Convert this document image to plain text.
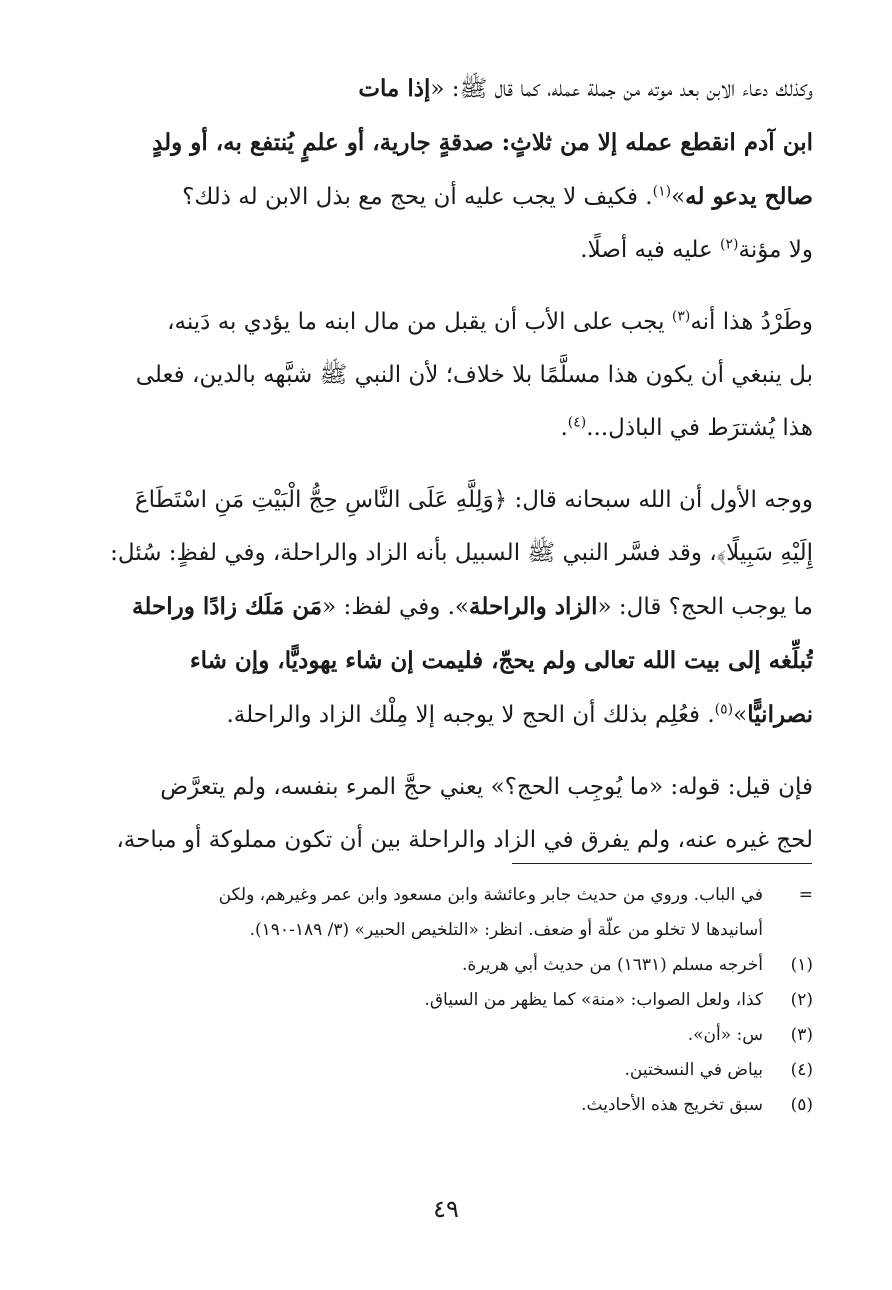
وكذلك دعاء الابن بعد موته من جملة عمله، كما قال ﷺ: «إذا مات
ابن آدم انقطع عمله إلا من ثلاثٍ: صدقةٍ جارية، أو علمٍ يُنتفع به، أو ولدٍ
صالح يدعو له»$^{(١)}$. فكيف لا يجب عليه أن يحج مع بذل الابن له ذلك؟
ولا مؤنة$^{(٢)}$ عليه فيه أصلًا.

وطَرْدُ هذا أنه$^{(٣)}$ يجب على الأب أن يقبل من مال ابنه ما يؤدي به دَينه،
بل ينبغي أن يكون هذا مسلَّمًا بلا خلاف؛ لأن النبي ﷺ شبَّهه بالدين، فعلى
هذا يُشترَط في الباذل...$^{(٤)}$.

ووجه الأول أن الله سبحانه قال: ﴿وَلِلَّهِ عَلَى النَّاسِ حِجُّ الْبَيْتِ مَنِ اسْتَطَاعَ
إِلَيْهِ سَبِيلًا﴾، وقد فسَّر النبي ﷺ السبيل بأنه الزاد والراحلة، وفي لفظٍ: سُئل:
ما يوجب الحج؟ قال: «الزاد والراحلة». وفي لفظ: «مَن مَلَك زادًا وراحلة
تُبلِّغه إلى بيت الله تعالى ولم يحجّ، فليمت إن شاء يهوديًّا، وإن شاء
نصرانيًّا»$^{(٥)}$. فعُلِم بذلك أن الحج لا يوجبه إلا مِلْك الزاد والراحلة.

فإن قيل: قوله: «ما يُوجِب الحج؟» يعني حجَّ المرء بنفسه، ولم يتعرَّض
لحج غيره عنه، ولم يفرق في الزاد والراحلة بين أن تكون مملوكة أو مباحة،

=
في الباب. وروي من حديث جابر وعائشة وابن مسعود وابن عمر وغيرهم، ولكن
أسانيدها لا تخلو من علّة أو ضعف. انظر: «التلخيص الحبير» (٣/ ١٨٩-١٩٠).
(١)
أخرجه مسلم (١٦٣١) من حديث أبي هريرة.
(٢)
كذا، ولعل الصواب: «منة» كما يظهر من السياق.
(٣)
س: «أن».
(٤)
بياض في النسختين.
(٥)
سبق تخريج هذه الأحاديث.
٤٩
